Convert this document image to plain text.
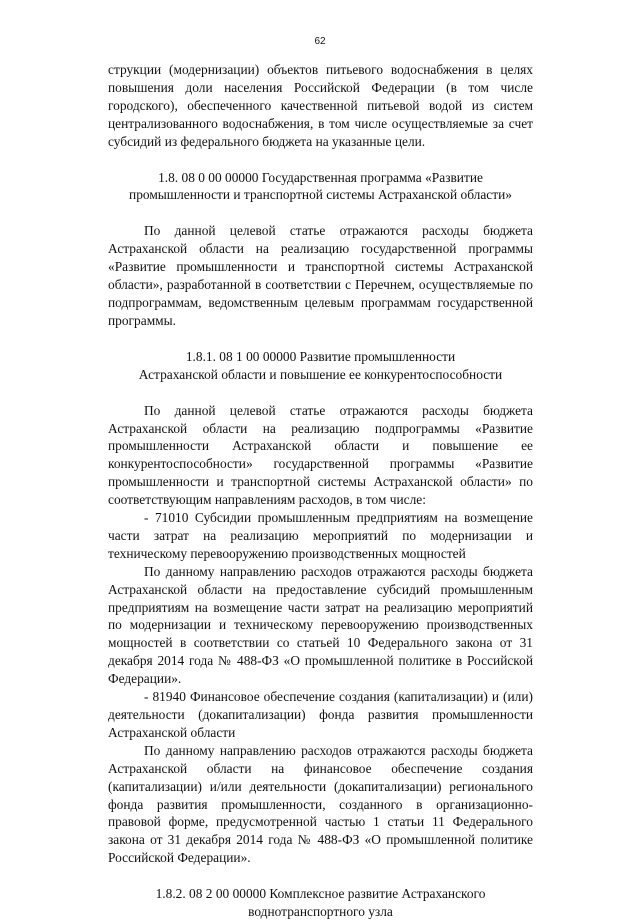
62

струкции (модернизации) объектов питьевого водоснабжения в целях повышения доли населения Российской Федерации (в том числе городского), обеспеченного качественной питьевой водой из систем централизованного водоснабжения, в том числе осуществляемые за счет субсидий из федерального бюджета на указанные цели.

1.8. 08 0 00 00000 Государственная программа «Развитие

промышленности и транспортной системы Астраханской области»

По данной целевой статье отражаются расходы бюджета Астраханской области на реализацию государственной программы «Развитие промышленности и транспортной системы Астраханской области», разработанной в соответствии с Перечнем, осуществляемые по подпрограммам, ведомственным целевым программам государственной программы.

1.8.1. 08 1 00 00000 Развитие промышленности

Астраханской области и повышение ее конкурентоспособности

По данной целевой статье отражаются расходы бюджета Астраханской области на реализацию подпрограммы «Развитие промышленности Астраханской области и повышение ее конкурентоспособности» государственной программы «Развитие промышленности и транспортной системы Астраханской области» по соответствующим направлениям расходов, в том числе:

- 71010 Субсидии промышленным предприятиям на возмещение части затрат на реализацию мероприятий по модернизации и техническому перевооружению производственных мощностей

По данному направлению расходов отражаются расходы бюджета Астраханской области на предоставление субсидий промышленным предприятиям на возмещение части затрат на реализацию мероприятий по модернизации и техническому перевооружению производственных мощностей в соответствии со статьей 10 Федерального закона от 31 декабря 2014 года № 488-ФЗ «О промышленной политике в Российской Федерации».

- 81940 Финансовое обеспечение создания (капитализации) и (или) деятельности (докапитализации) фонда развития промышленности Астраханской области

По данному направлению расходов отражаются расходы бюджета Астраханской области на финансовое обеспечение создания (капитализации) и/или деятельности (докапитализации) регионального фонда развития промышленности, созданного в организационно-правовой форме, предусмотренной частью 1 статьи 11 Федерального закона от 31 декабря 2014 года № 488-ФЗ «О промышленной политике Российской Федерации».

1.8.2. 08 2 00 00000 Комплексное развитие Астраханского

воднотранспортного узла
